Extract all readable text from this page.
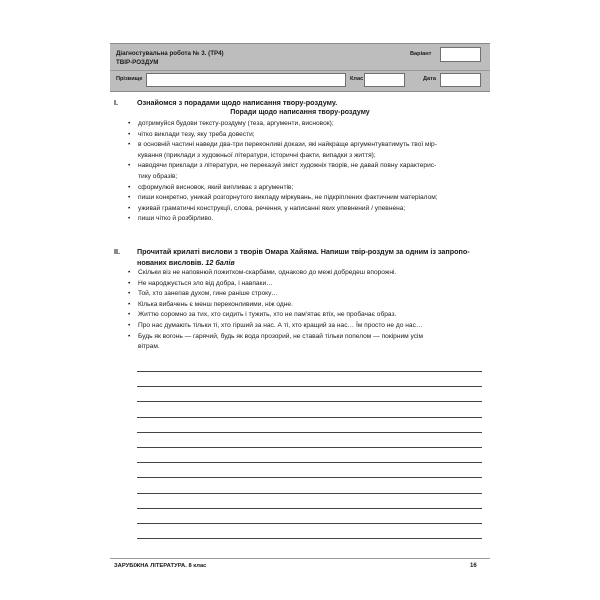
Діагностувальна робота № 3. (ТР4)
ТВІР-РОЗДУМ
Варіант
Прізвище	Клас	Дата
I.	Ознайомся з порадами щодо написання твору-роздуму.
Поради щодо написання твору-роздуму
• дотримуйся будови тексту-роздуму (теза, аргументи, висновок);
• чітко виклади тезу, яку треба довести;
• в основній частині наведи два-три переконливі докази, які найкраще аргументуватимуть твої мір-
кування (приклади з художньої літератури, історичні факти, випадки з життя);
• наводячи приклади з літератури, не переказуй зміст художніх творів, не давай повну характерис-
тику образів;
• сформулюй висновок, який випливає з аргументів;
• пиши конкретно, уникай розгорнутого викладу міркувань, не підкріплених фактичним матеріалом;
• уживай граматичні конструкції, слова, речення, у написанні яких упевнений / упевнена;
• пиши чітко й розбірливо.
II. Прочитай крилаті вислови з творів Омара Хайяма. Напиши твір-роздум за одним із запропо-
нованих висловів. 12 балів
• Скільки віз не наповнюй пожитком-скарбами, однаково до межі добредеш впорожні.
• Не народжується зло від добра, і навпаки…
• Той, хто занепав духом, гине раніше строку…
• Кілька вибачень є менш переконливими, ніж одне.
• Життю соромно за тих, хто сидить і тужить, хто не пам'ятає втіх, не пробачає образ.
• Про нас думають тільки ті, хто гірший за нас. А ті, хто кращий за нас… Їм просто не до нас…
• Будь як вогонь — гарячий, будь як вода прозорий, не ставай тільки попелом — покірним усім
вітрам.
ЗАРУБІЖНА ЛІТЕРАТУРА. 8 клас	16
